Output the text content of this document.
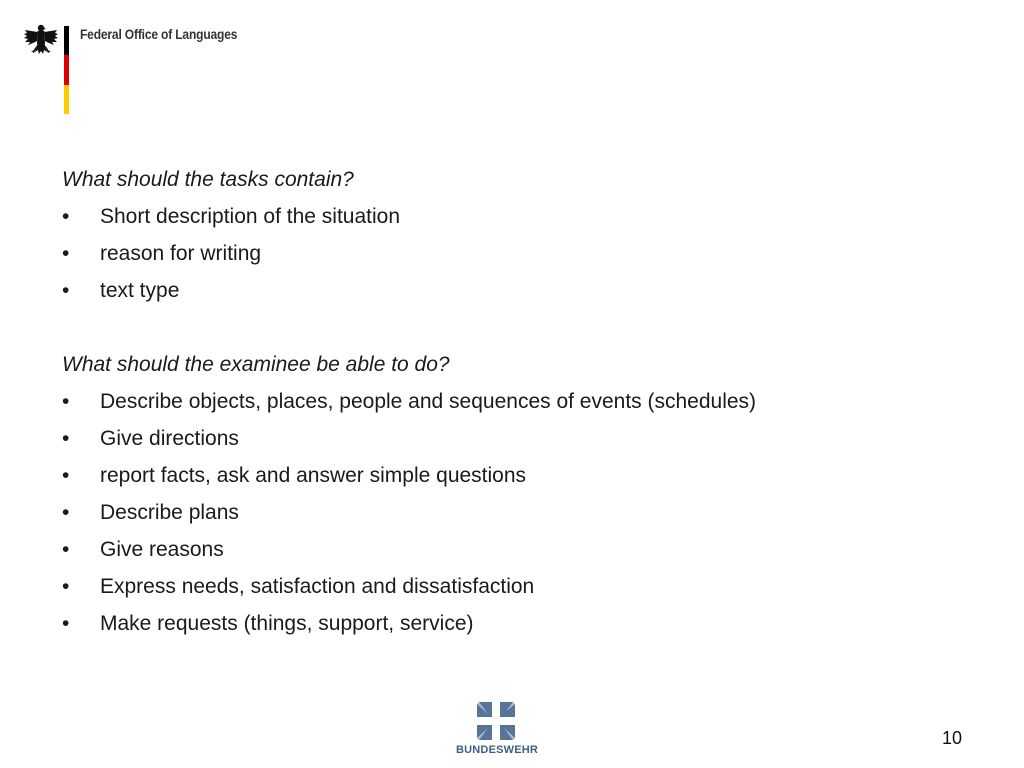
Federal Office of Languages
What should the tasks contain?
•	Short description of the situation
•	reason for writing
•	text type
What should the examinee be able to do?
•	Describe objects, places, people and sequences of events (schedules)
•	Give directions
•	report facts, ask and answer simple questions
•	Describe plans
•	Give reasons
•	Express needs, satisfaction and dissatisfaction
•	Make requests (things, support, service)
BUNDESWEHR
10
